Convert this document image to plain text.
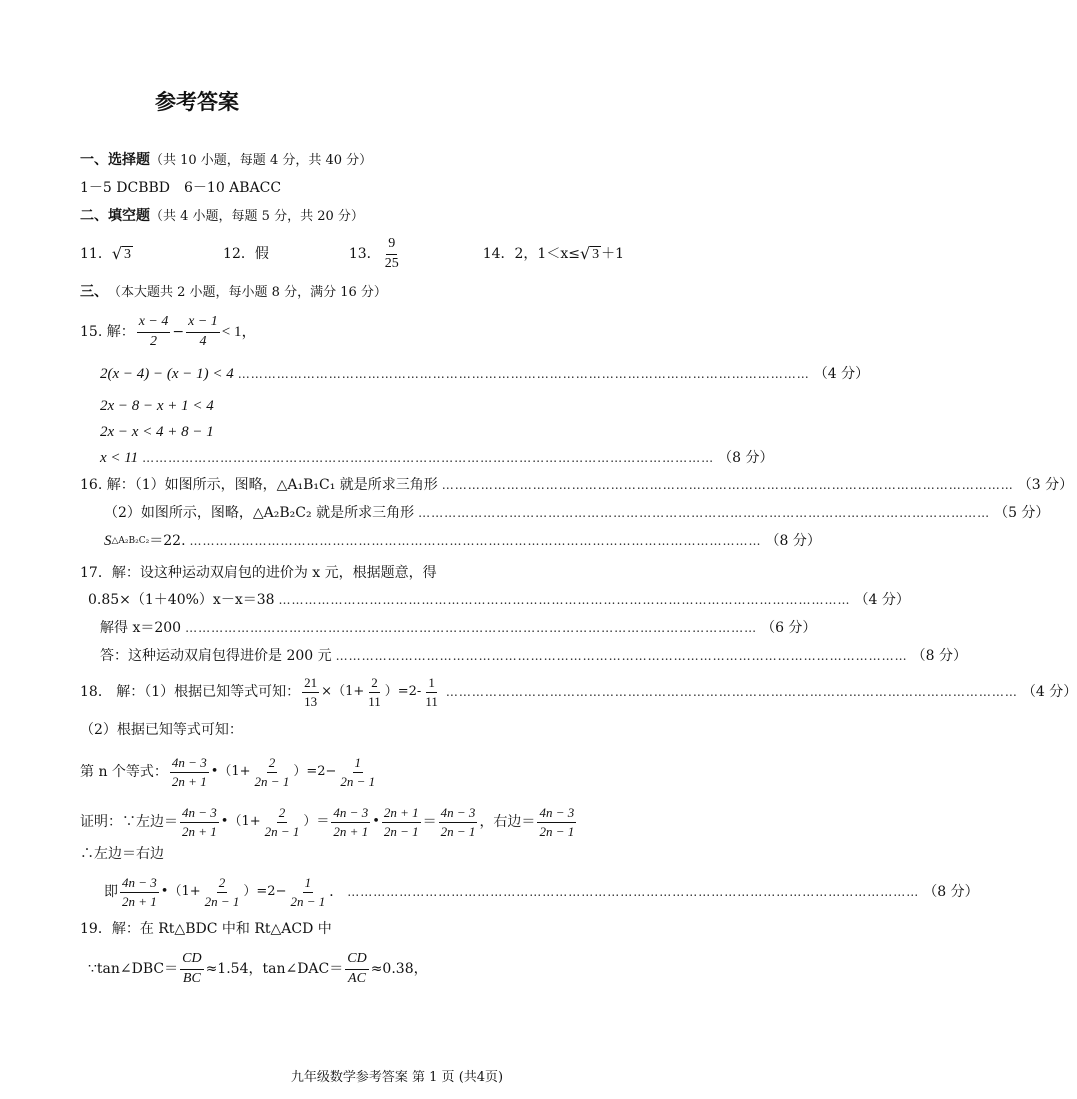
参考答案
一、选择题 （共 10 小题，每题 4 分，共 40 分）
1－5 DCBBD　6－10 ABACC
二、填空题 （共 4 小题，每题 5 分，共 20 分）
11． √ 3	12．假	13． $\frac{9}{25}$	14．2，1＜x≤ √ 3 ＋1
三、 （本大题共 2 小题，每小题 8 分，满分 16 分）
15. 解： $\frac{x - 4}{2} - \frac{x - 1}{4} < 1$，
2(x − 4) − (x − 1) < 4 …………………………………………………………………………………………………………………… （4 分）
2x − 8 − x + 1 < 4
2x − x < 4 + 8 − 1
x < 11 …………………………………………………………………………………………………………………… （8 分）
16. 解：（1）如图所示，图略，△A₁B₁C₁ 就是所求三角形 …………………………………………………………………………………………………………………… （3 分）
（2）如图所示，图略，△A₂B₂C₂ 就是所求三角形 …………………………………………………………………………………………………………………… （5 分）
S △A₂B₂C₂ ＝22. …………………………………………………………………………………………………………………… （8 分）
17．解：设这种运动双肩包的进价为 x 元，根据题意，得
0.85×（1＋40%）x－x＝38 …………………………………………………………………………………………………………………… （4 分）
解得 x＝200 …………………………………………………………………………………………………………………… （6 分）
答：这种运动双肩包得进价是 200 元 …………………………………………………………………………………………………………………… （8 分）
18． 解：（1）根据已知等式可知： $\frac{21}{13} \times(1+ \frac{2}{11} )=2- \frac{1}{11}$ …………………………………………………………………………………………………………………… （4 分）
（2）根据已知等式可知：
第 n 个等式： $\frac{4n - 3}{2n + 1}$ •（1+ $\frac{2}{2n - 1} )=2- \frac{1}{2n - 1}$
证明：∵左边＝ $\frac{4n - 3}{2n + 1}$ •（1+ $\frac{2}{2n - 1}$ ）＝ $\frac{4n - 3}{2n + 1}$ • $\frac{2n + 1}{2n - 1} = \frac{4n - 3}{2n - 1}$ ，右边＝ $\frac{4n - 3}{2n - 1}$
∴左边＝右边
即 $\frac{4n - 3}{2n + 1}$ •（1+ $\frac{2}{2n - 1} )=2- \frac{1}{2n - 1}$ ． …………………………………………………………………………………………………………………… （8 分）
19．解：在 Rt△BDC 中和 Rt△ACD 中
∵tan∠DBC＝ $\frac{CD}{BC} \approx 1.54$，tan∠DAC＝ $\frac{CD}{AC} \approx 0.38$，
九年级数学参考答案 第 1 页 (共4页)
